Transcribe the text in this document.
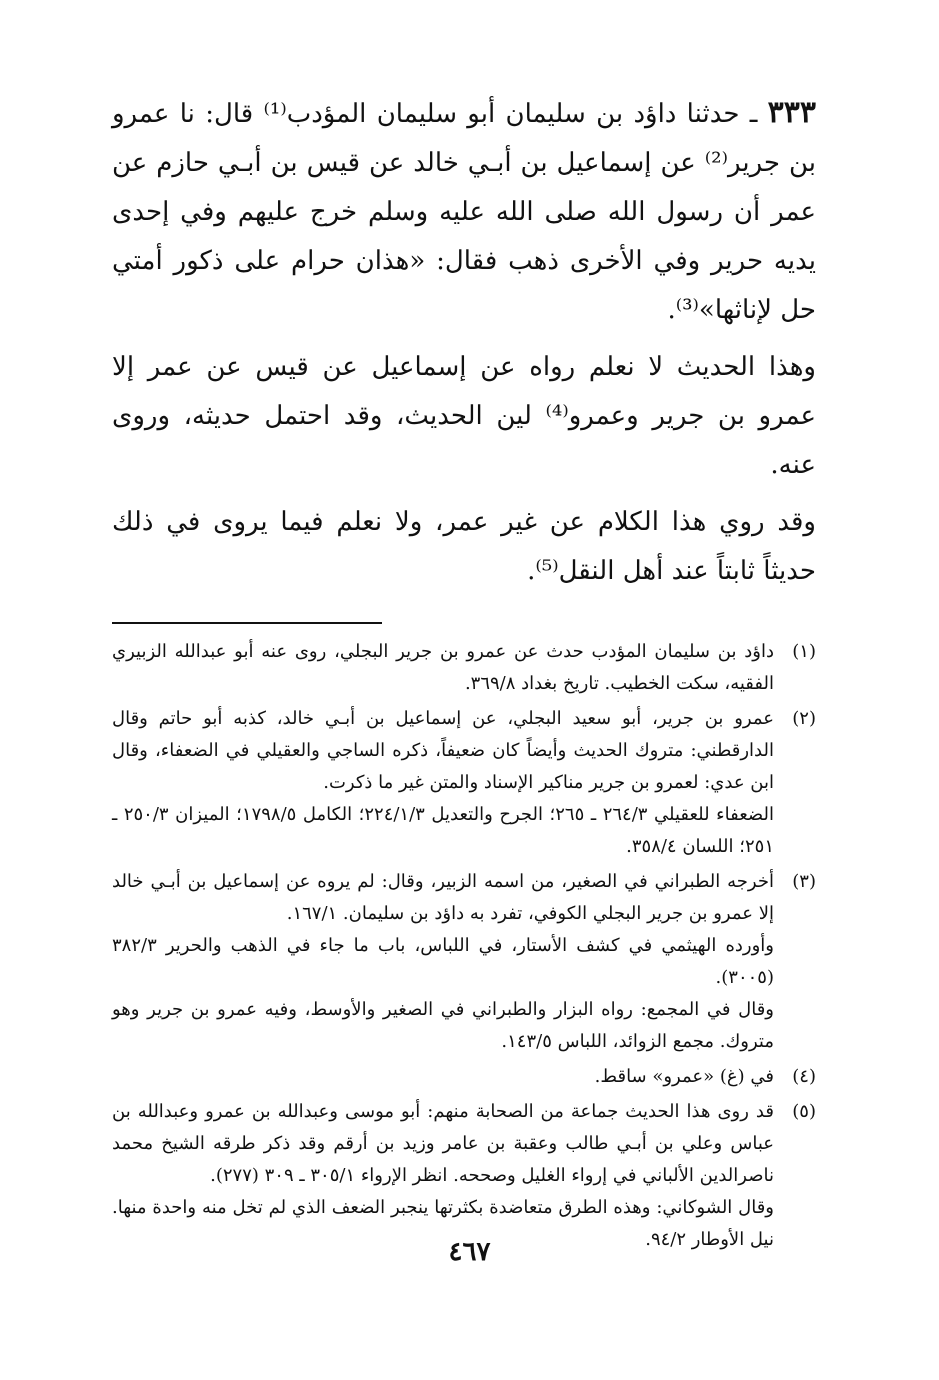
٣٣٣ ـ حدثنا داؤد بن سليمان أبو سليمان المؤدب⁽¹⁾ قال: نا عمرو بن جرير⁽²⁾ عن إسماعيل بن أبـي خالد عن قيس بن أبـي حازم عن عمر أن رسول الله صلى الله عليه وسلم خرج عليهم وفي إحدى يديه حرير وفي الأخرى ذهب فقال: «هذان حرام على ذكور أمتي حل لإناثها»⁽³⁾.

وهذا الحديث لا نعلم رواه عن إسماعيل عن قيس عن عمر إلا عمرو بن جرير وعمرو⁽⁴⁾ لين الحديث، وقد احتمل حديثه، وروى عنه.

وقد روي هذا الكلام عن غير عمر، ولا نعلم فيما يروى في ذلك حديثاً ثابتاً عند أهل النقل⁽⁵⁾.

(١)

داؤد بن سليمان المؤدب حدث عن عمرو بن جرير البجلي، روى عنه أبو عبدالله الزبيري الفقيه، سكت الخطيب. تاريخ بغداد ٣٦٩/٨.

(٢)

عمرو بن جرير، أبو سعيد البجلي، عن إسماعيل بن أبـي خالد، كذبه أبو حاتم وقال الدارقطني: متروك الحديث وأيضاً كان ضعيفاً، ذكره الساجي والعقيلي في الضعفاء، وقال ابن عدي: لعمرو بن جرير مناكير الإسناد والمتن غير ما ذكرت.

الضعفاء للعقيلي ٢٦٤/٣ ـ ٢٦٥؛ الجرح والتعديل ٢٢٤/١/٣؛ الكامل ١٧٩٨/٥؛ الميزان ٢٥٠/٣ ـ ٢٥١؛ اللسان ٣٥٨/٤.

(٣)

أخرجه الطبراني في الصغير، من اسمه الزبير، وقال: لم يروه عن إسماعيل بن أبـي خالد إلا عمرو بن جرير البجلي الكوفي، تفرد به داؤد بن سليمان. ١٦٧/١.

وأورده الهيثمي في كشف الأستار، في اللباس، باب ما جاء في الذهب والحرير ٣٨٢/٣ (٣٠٠٥).

وقال في المجمع: رواه البزار والطبراني في الصغير والأوسط، وفيه عمرو بن جرير وهو متروك. مجمع الزوائد، اللباس ١٤٣/٥.

(٤)

في (غ) «عمرو» ساقط.

(٥)

قد روى هذا الحديث جماعة من الصحابة منهم: أبو موسى وعبدالله بن عمرو وعبدالله بن عباس وعلي بن أبـي طالب وعقبة بن عامر وزيد بن أرقم وقد ذكر طرقه الشيخ محمد ناصرالدين الألباني في إرواء الغليل وصححه. انظر الإرواء ٣٠٥/١ ـ ٣٠٩ (٢٧٧).

وقال الشوكاني: وهذه الطرق متعاضدة بكثرتها ينجبر الضعف الذي لم تخل منه واحدة منها. نيل الأوطار ٩٤/٢.

٤٦٧
